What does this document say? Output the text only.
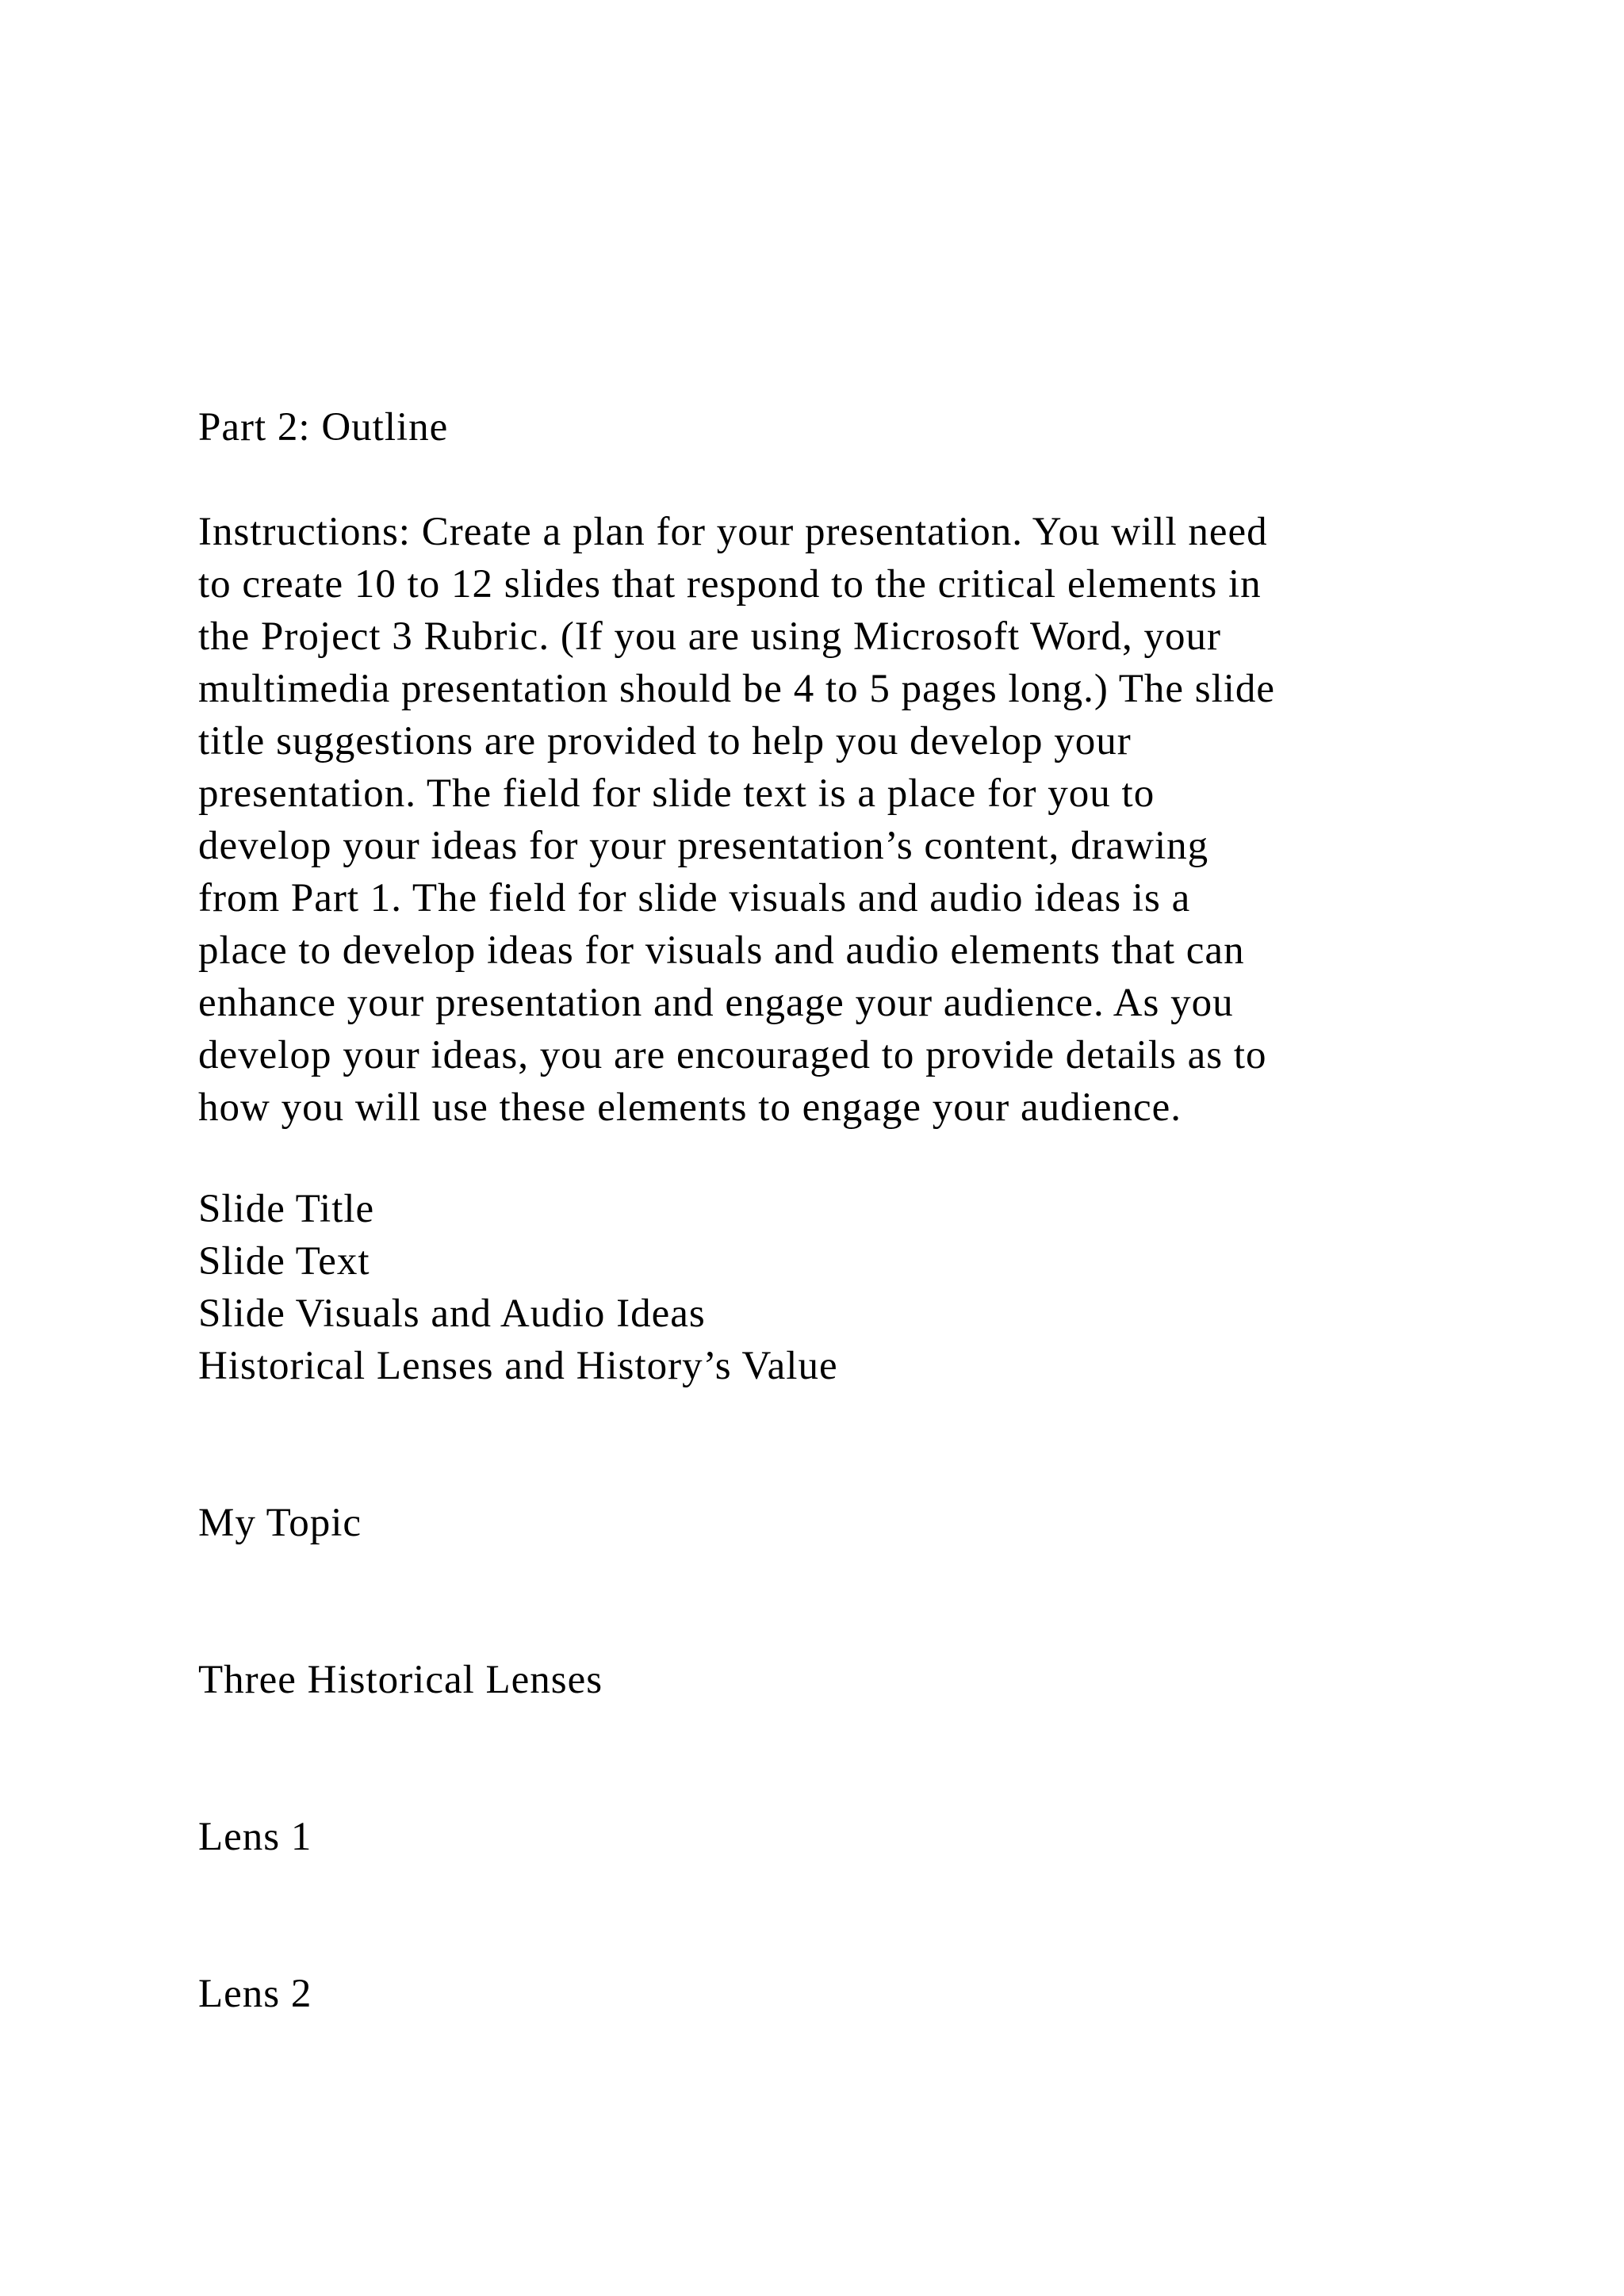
Part 2: Outline
Instructions: Create a plan for your presentation. You will need
to create 10 to 12 slides that respond to the critical elements in
the Project 3 Rubric. (If you are using Microsoft Word, your
multimedia presentation should be 4 to 5 pages long.) The slide
title suggestions are provided to help you develop your
presentation. The field for slide text is a place for you to
develop your ideas for your presentation’s content, drawing
from Part 1. The field for slide visuals and audio ideas is a
place to develop ideas for visuals and audio elements that can
enhance your presentation and engage your audience. As you
develop your ideas, you are encouraged to provide details as to
how you will use these elements to engage your audience.
Slide Title
Slide Text
Slide Visuals and Audio Ideas
Historical Lenses and History’s Value
My Topic
Three Historical Lenses
Lens 1
Lens 2
